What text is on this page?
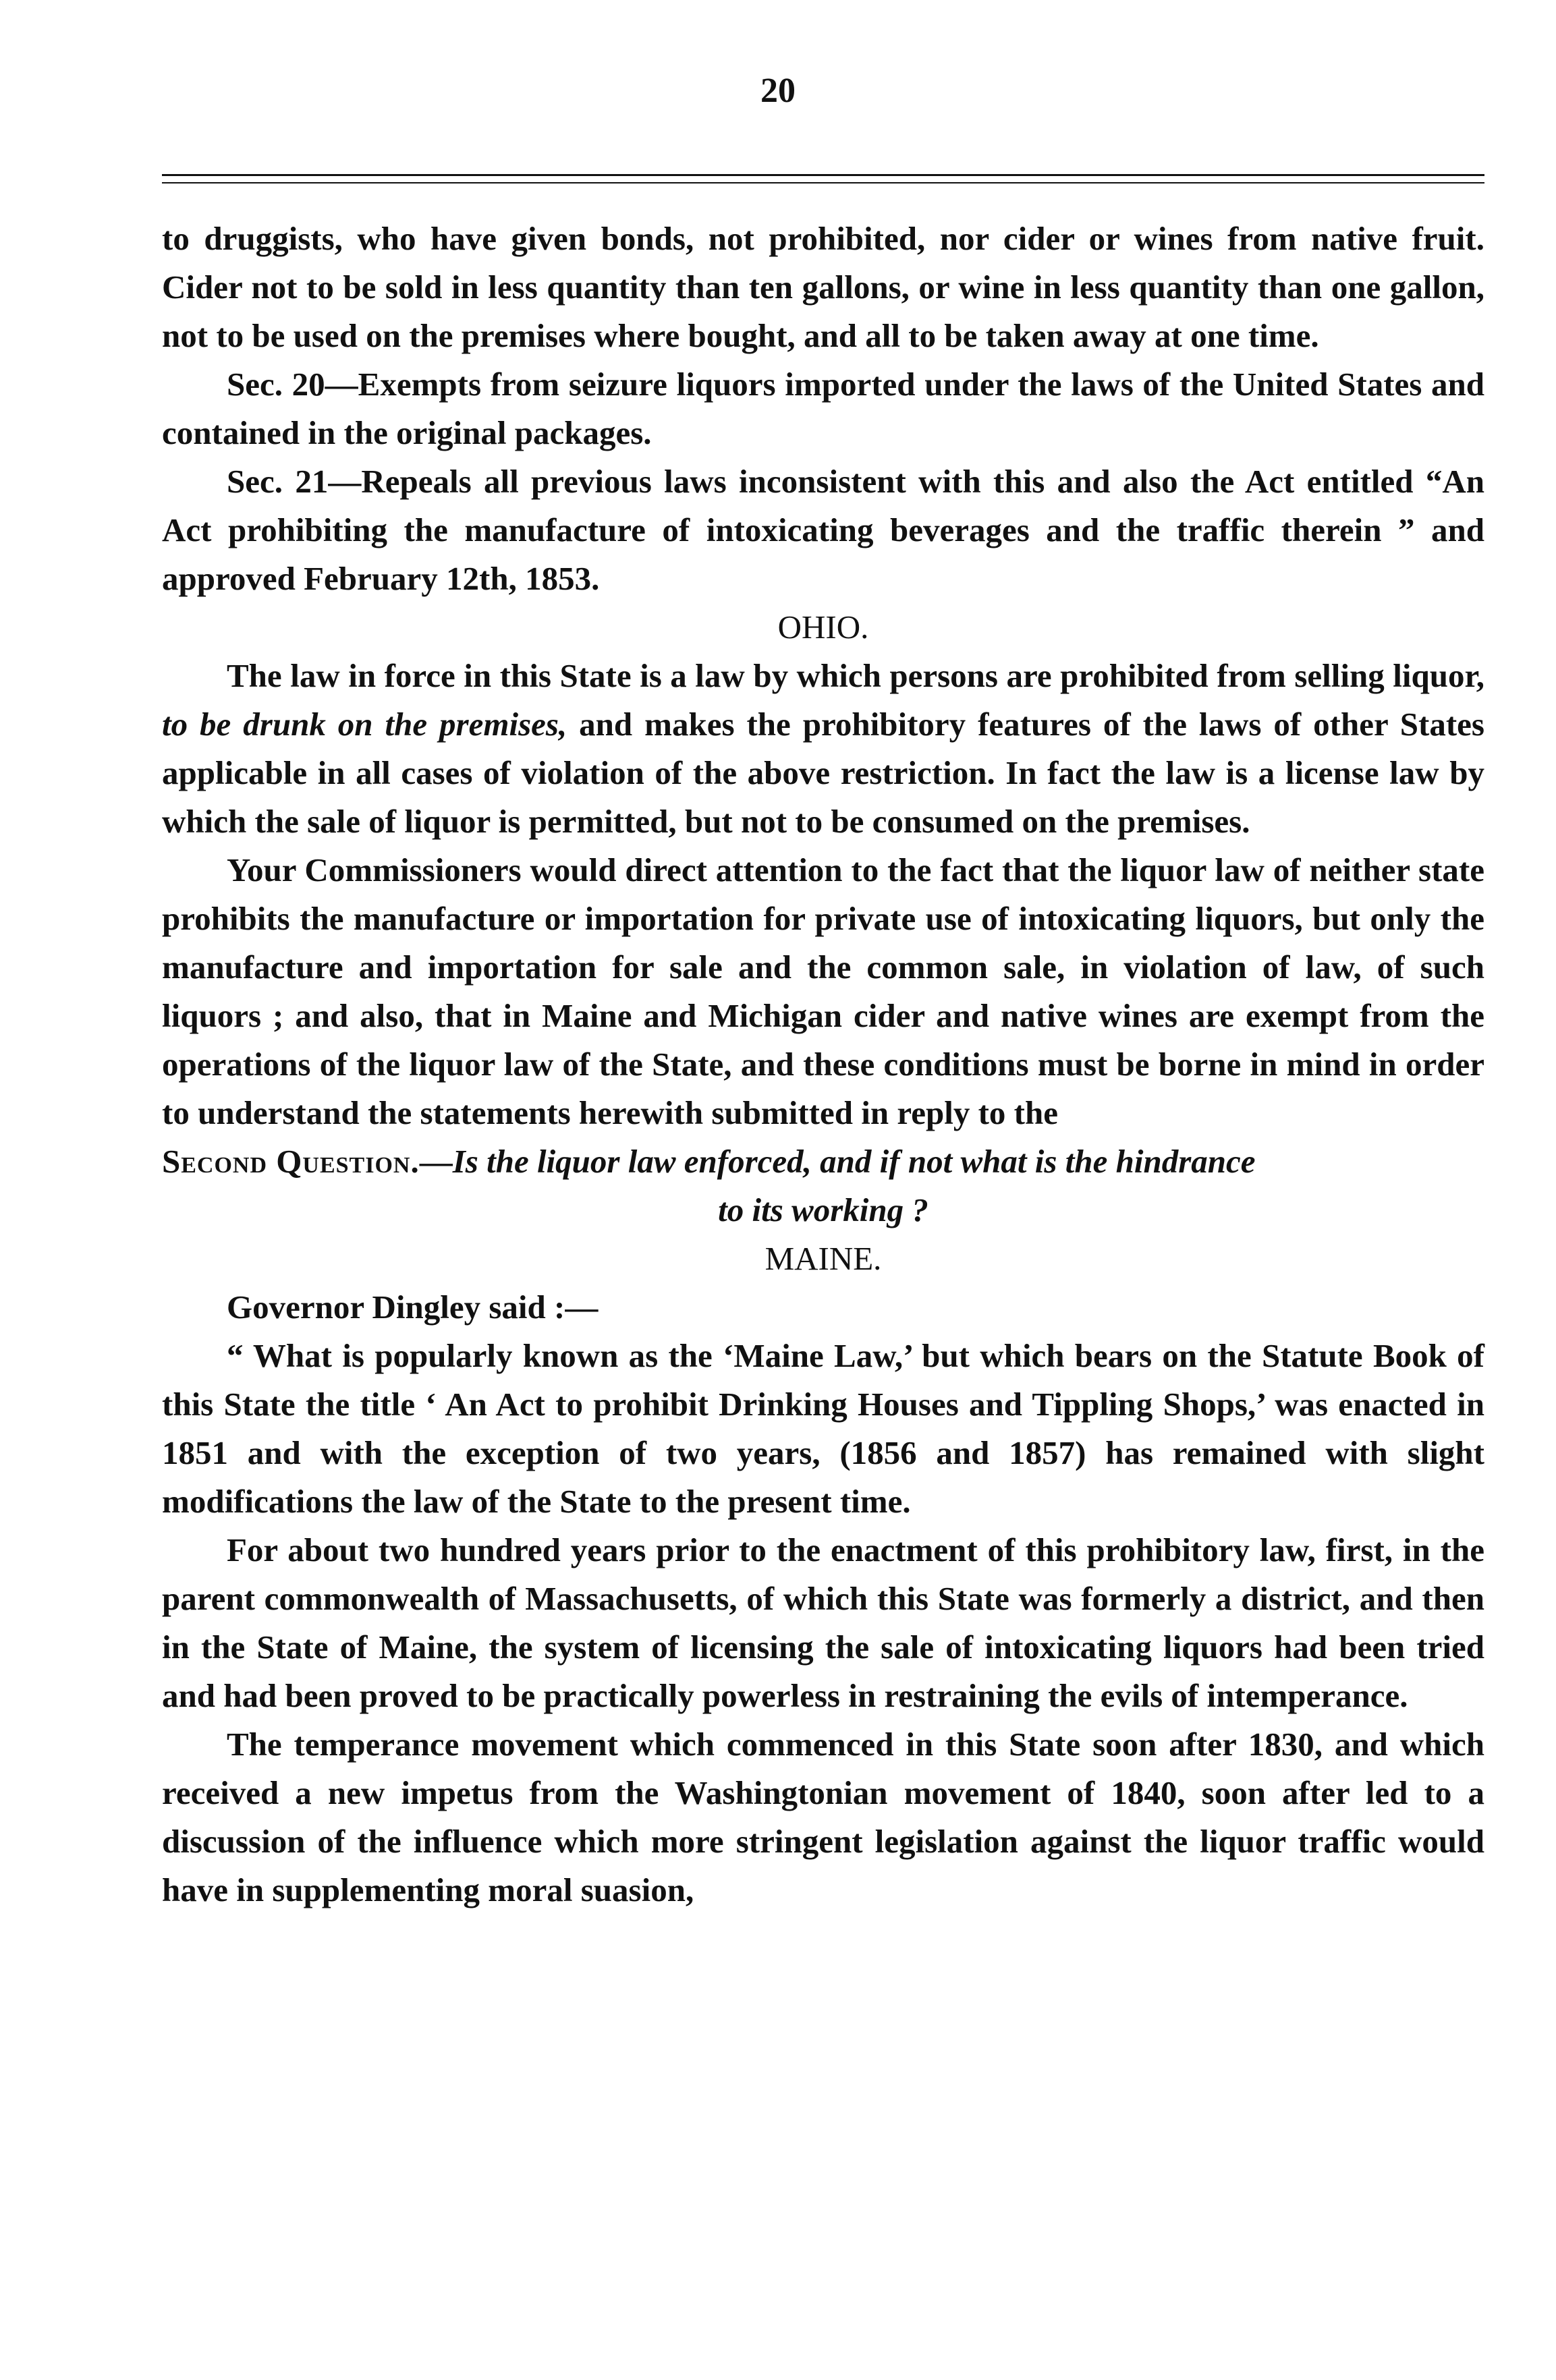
20

to druggists, who have given bonds, not prohibited, nor cider or wines from native fruit. Cider not to be sold in less quantity than ten gallons, or wine in less quantity than one gallon, not to be used on the premises where bought, and all to be taken away at one time.

Sec. 20—Exempts from seizure liquors imported under the laws of the United States and contained in the original packages.

Sec. 21—Repeals all previous laws inconsistent with this and also the Act entitled “An Act prohibiting the manufacture of intoxicating beverages and the traffic therein ” and approved February 12th, 1853.

OHIO.

The law in force in this State is a law by which persons are prohibited from selling liquor, to be drunk on the premises, and makes the prohibitory features of the laws of other States applicable in all cases of violation of the above restriction. In fact the law is a license law by which the sale of liquor is permitted, but not to be consumed on the premises.

Your Commissioners would direct attention to the fact that the liquor law of neither state prohibits the manufacture or importation for private use of intoxicating liquors, but only the manufacture and importation for sale and the common sale, in violation of law, of such liquors ; and also, that in Maine and Michigan cider and native wines are exempt from the operations of the liquor law of the State, and these conditions must be borne in mind in order to understand the statements herewith submitted in reply to the

Second Question.—Is the liquor law enforced, and if not what is the hindrance

to its working ?

MAINE.

Governor Dingley said :—

“ What is popularly known as the ‘Maine Law,’ but which bears on the Statute Book of this State the title ‘ An Act to prohibit Drinking Houses and Tippling Shops,’ was enacted in 1851 and with the exception of two years, (1856 and 1857) has remained with slight modifications the law of the State to the present time.

For about two hundred years prior to the enactment of this prohibitory law, first, in the parent commonwealth of Massachusetts, of which this State was formerly a district, and then in the State of Maine, the system of licensing the sale of intoxicating liquors had been tried and had been proved to be practically powerless in restraining the evils of intemperance.

The temperance movement which commenced in this State soon after 1830, and which received a new impetus from the Washingtonian movement of 1840, soon after led to a discussion of the influence which more stringent legislation against the liquor traffic would have in supplementing moral suasion,
